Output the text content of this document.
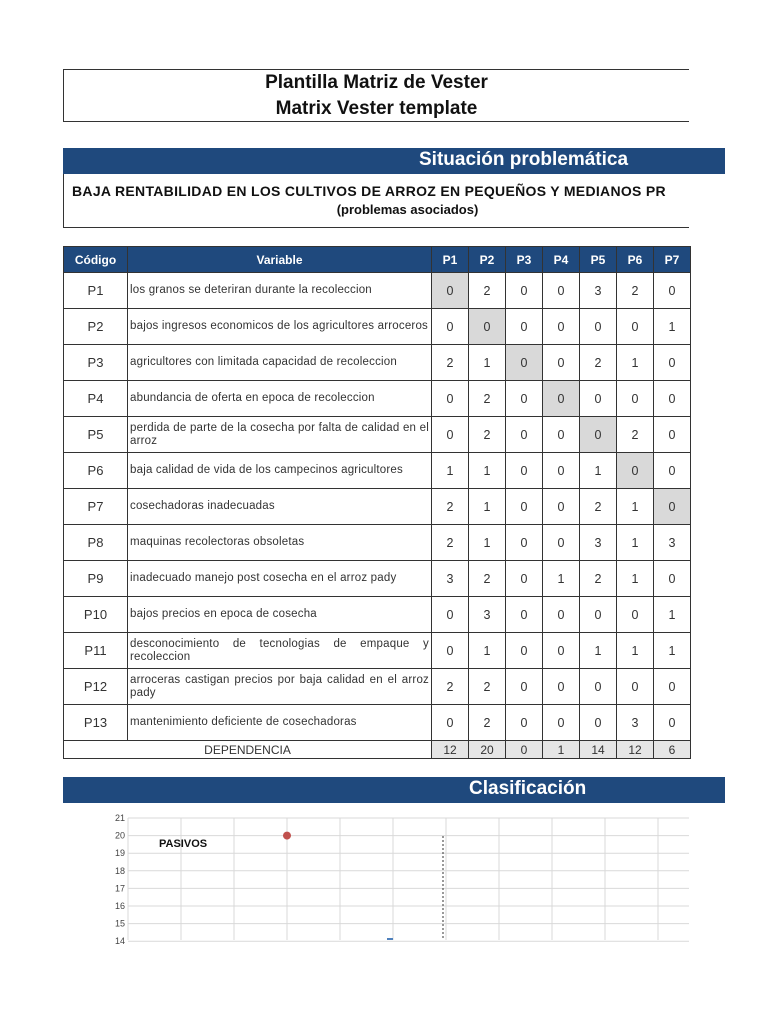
Plantilla Matriz de Vester
Matrix Vester template
Situación problemática
BAJA RENTABILIDAD EN LOS CULTIVOS DE ARROZ EN PEQUEÑOS Y MEDIANOS PR
(problemas asociados)
Código	Variable	P1	P2	P3	P4	P5	P6	P7
P1	los granos se deteriran durante la recoleccion	0	2	0	0	3	2	0
P2	bajos ingresos economicos de los agricultores arroceros	0	0	0	0	0	0	1
P3	agricultores con limitada capacidad de recoleccion	2	1	0	0	2	1	0
P4	abundancia de oferta en epoca de recoleccion	0	2	0	0	0	0	0
P5	perdida de parte de la cosecha por falta de calidad en el arroz	0	2	0	0	0	2	0
P6	baja calidad de vida de los campecinos agricultores	1	1	0	0	1	0	0
P7	cosechadoras inadecuadas	2	1	0	0	2	1	0
P8	maquinas recolectoras obsoletas	2	1	0	0	3	1	3
P9	inadecuado manejo post cosecha en el arroz pady	3	2	0	1	2	1	0
P10	bajos precios en epoca de cosecha	0	3	0	0	0	0	1
P11	desconocimiento de tecnologias de empaque y recoleccion	0	1	0	0	1	1	1
P12	arroceras castigan precios por baja calidad en el arroz pady	2	2	0	0	0	0	0
P13	mantenimiento deficiente de cosechadoras	0	2	0	0	0	3	0
DEPENDENCIA		12	20	0	1	14	12	6
Clasificación
21
20
19
18
17
16
15
14
PASIVOS
